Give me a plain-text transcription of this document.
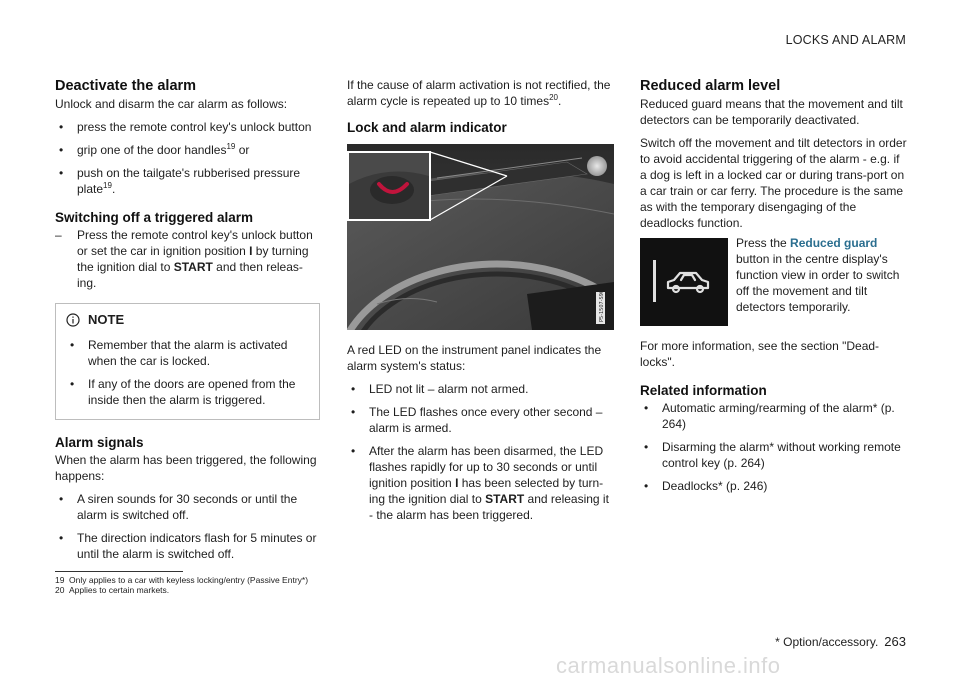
LOCKS AND ALARM
Deactivate the alarm

Unlock and disarm the car alarm as follows:

• press the remote control key's unlock button
• grip one of the door handles$^{19}$ or
• push on the tailgate's rubberised pressure plate$^{19}$.
Switching off a triggered alarm
– Press the remote control key's unlock button or set the car in ignition position I by turning the ignition dial to START and then releas-ing.
NOTE
• Remember that the alarm is activated when the car is locked.
• If any of the doors are opened from the inside then the alarm is triggered.
Alarm signals

When the alarm has been triggered, the following happens:

• A siren sounds for 30 seconds or until the alarm is switched off.
• The direction indicators flash for 5 minutes or until the alarm is switched off.

If the cause of alarm activation is not rectified, the alarm cycle is repeated up to 10 times$^{20}$.

Lock and alarm indicator
P5-1507-S90

A red LED on the instrument panel indicates the alarm system's status:

• LED not lit – alarm not armed.
• The LED flashes once every other second – alarm is armed.
• After the alarm has been disarmed, the LED flashes rapidly for up to 30 seconds or until ignition position I has been selected by turn-ing the ignition dial to START and releasing it - the alarm has been triggered.
Reduced alarm level

Reduced guard means that the movement and tilt detectors can be temporarily deactivated.

Switch off the movement and tilt detectors in order to avoid accidental triggering of the alarm - e.g. if a dog is left in a locked car or during trans-port on a car train or car ferry. The procedure is the same as with the temporary disengaging of the deadlocks function.

Press the Reduced guard button in the centre display's function view in order to switch off the movement and tilt detectors temporarily.

For more information, see the section "Dead-locks".

Related information
• Automatic arming/rearming of the alarm* (p. 264)
• Disarming the alarm* without working remote control key (p. 264)
• Deadlocks* (p. 246)
19 Only applies to a car with keyless locking/entry (Passive Entry*)
20 Applies to certain markets.
* Option/accessory. 263
carmanualsonline.info
